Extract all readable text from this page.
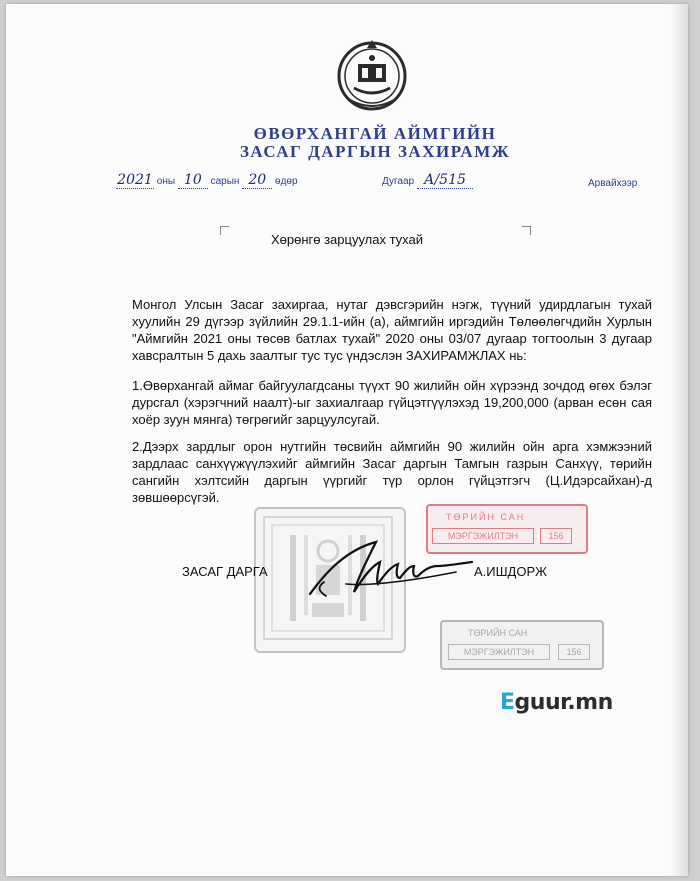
ӨВӨРХАНГАЙ АЙМГИЙН
ЗАСАГ ДАРГЫН ЗАХИРАМЖ
2021 оны 10 сарын 20 өдөр	Дугаар А/515	Арвайхээр
Хөрөнгө зарцуулах тухай
Монгол Улсын Засаг захиргаа, нутаг дэвсгэрийн нэгж, түүний удирдлагын тухай хуулийн 29 дүгээр зүйлийн 29.1.1-ийн (а), аймгийн иргэдийн Төлөөлөгчдийн Хурлын "Аймгийн 2021 оны төсөв батлах тухай" 2020 оны 03/07 дугаар тогтоолын 3 дугаар хавсралтын 5 дахь заалтыг тус тус үндэслэн ЗАХИРАМЖЛАХ нь:
1.Өвөрхангай аймаг байгуулагдсаны түүхт 90 жилийн ойн хүрээнд зочдод өгөх бэлэг дурсгал (хэрэгчний наалт)-ыг захиалгаар гүйцэтгүүлэхэд 19,200,000 (арван есөн сая хоёр зуун мянга) төгрөгийг зарцуулсугай.
2.Дээрх зардлыг орон нутгийн төсвийн аймгийн 90 жилийн ойн арга хэмжээний зардлаас санхүүжүүлэхийг аймгийн Засаг даргын Тамгын газрын Санхүү, төрийн сангийн хэлтсийн даргын үүргийг түр орлон гүйцэтгэгч (Ц.Идэрсайхан)-д зөвшөөрсүгэй.
ТӨРИЙН САН
МЭРГЭЖИЛТЭН	156
ТӨРИЙН САН
МЭРГЭЖИЛТЭН	156
ЗАСАГ ДАРГА	А.ИШДОРЖ
Eguur.mn
